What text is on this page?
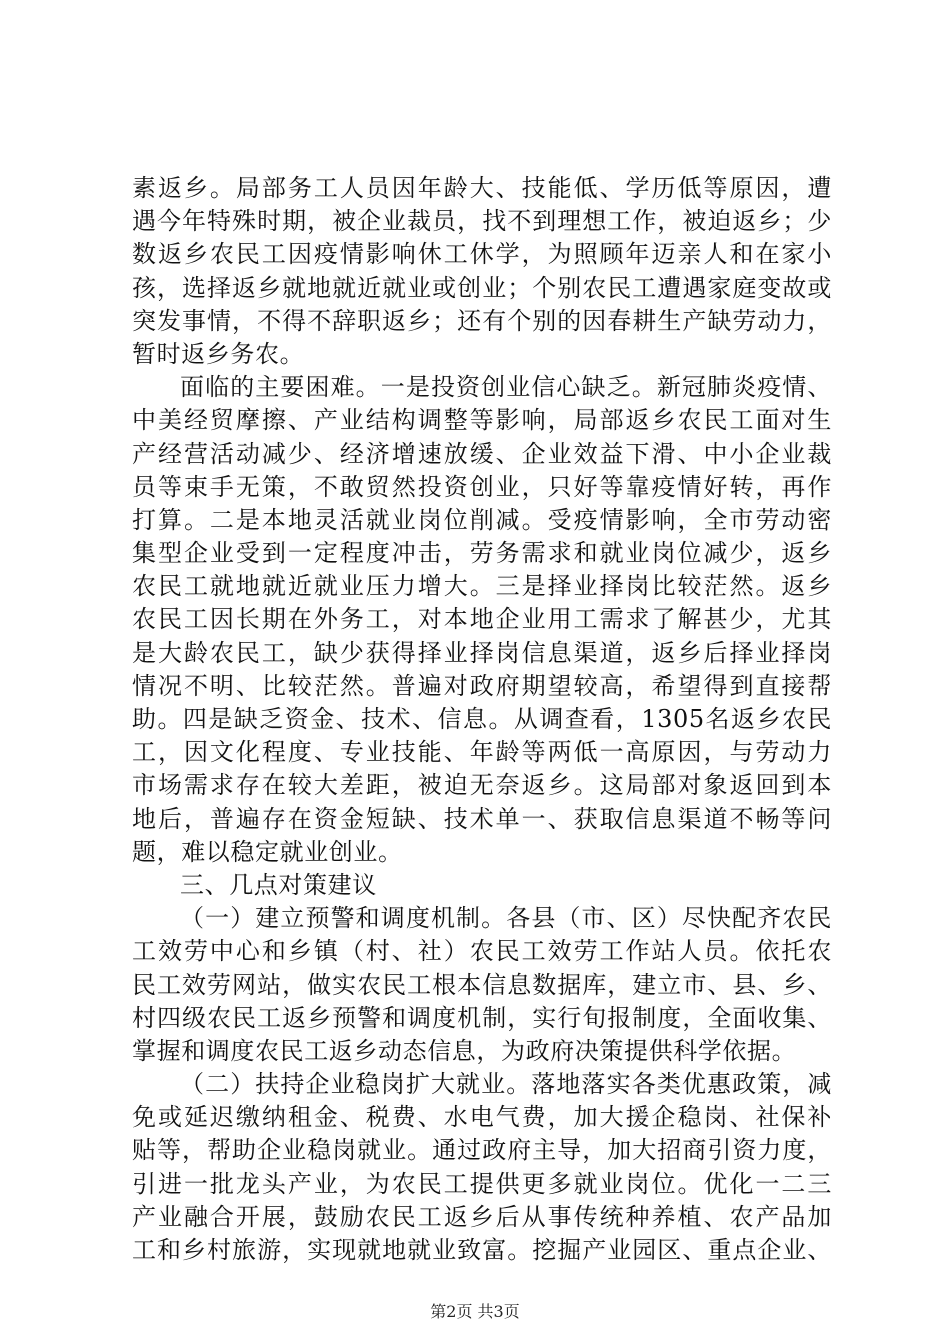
素返乡。局部务工人员因年龄大、技能低、学历低等原因，遭
遇今年特殊时期，被企业裁员，找不到理想工作，被迫返乡；少
数返乡农民工因疫情影响休工休学，为照顾年迈亲人和在家小
孩，选择返乡就地就近就业或创业；个别农民工遭遇家庭变故或
突发事情，不得不辞职返乡；还有个别的因春耕生产缺劳动力，
暂时返乡务农。
面临的主要困难。一是投资创业信心缺乏。新冠肺炎疫情、
中美经贸摩擦、产业结构调整等影响，局部返乡农民工面对生
产经营活动减少、经济增速放缓、企业效益下滑、中小企业裁
员等束手无策，不敢贸然投资创业，只好等靠疫情好转，再作
打算。二是本地灵活就业岗位削减。受疫情影响，全市劳动密
集型企业受到一定程度冲击，劳务需求和就业岗位减少，返乡
农民工就地就近就业压力增大。三是择业择岗比较茫然。返乡
农民工因长期在外务工，对本地企业用工需求了解甚少，尤其
是大龄农民工，缺少获得择业择岗信息渠道，返乡后择业择岗
情况不明、比较茫然。普遍对政府期望较高，希望得到直接帮
助。四是缺乏资金、技术、信息。从调查看，1305名返乡农民
工，因文化程度、专业技能、年龄等两低一高原因，与劳动力
市场需求存在较大差距，被迫无奈返乡。这局部对象返回到本
地后，普遍存在资金短缺、技术单一、获取信息渠道不畅等问
题，难以稳定就业创业。
三、几点对策建议
（一）建立预警和调度机制。各县（市、区）尽快配齐农民
工效劳中心和乡镇（村、社）农民工效劳工作站人员。依托农
民工效劳网站，做实农民工根本信息数据库，建立市、县、乡、
村四级农民工返乡预警和调度机制，实行旬报制度，全面收集、
掌握和调度农民工返乡动态信息，为政府决策提供科学依据。
（二）扶持企业稳岗扩大就业。落地落实各类优惠政策，减
免或延迟缴纳租金、税费、水电气费，加大援企稳岗、社保补
贴等，帮助企业稳岗就业。通过政府主导，加大招商引资力度，
引进一批龙头产业，为农民工提供更多就业岗位。优化一二三
产业融合开展，鼓励农民工返乡后从事传统种养植、农产品加
工和乡村旅游，实现就地就业致富。挖掘产业园区、重点企业、
第2页 共3页
